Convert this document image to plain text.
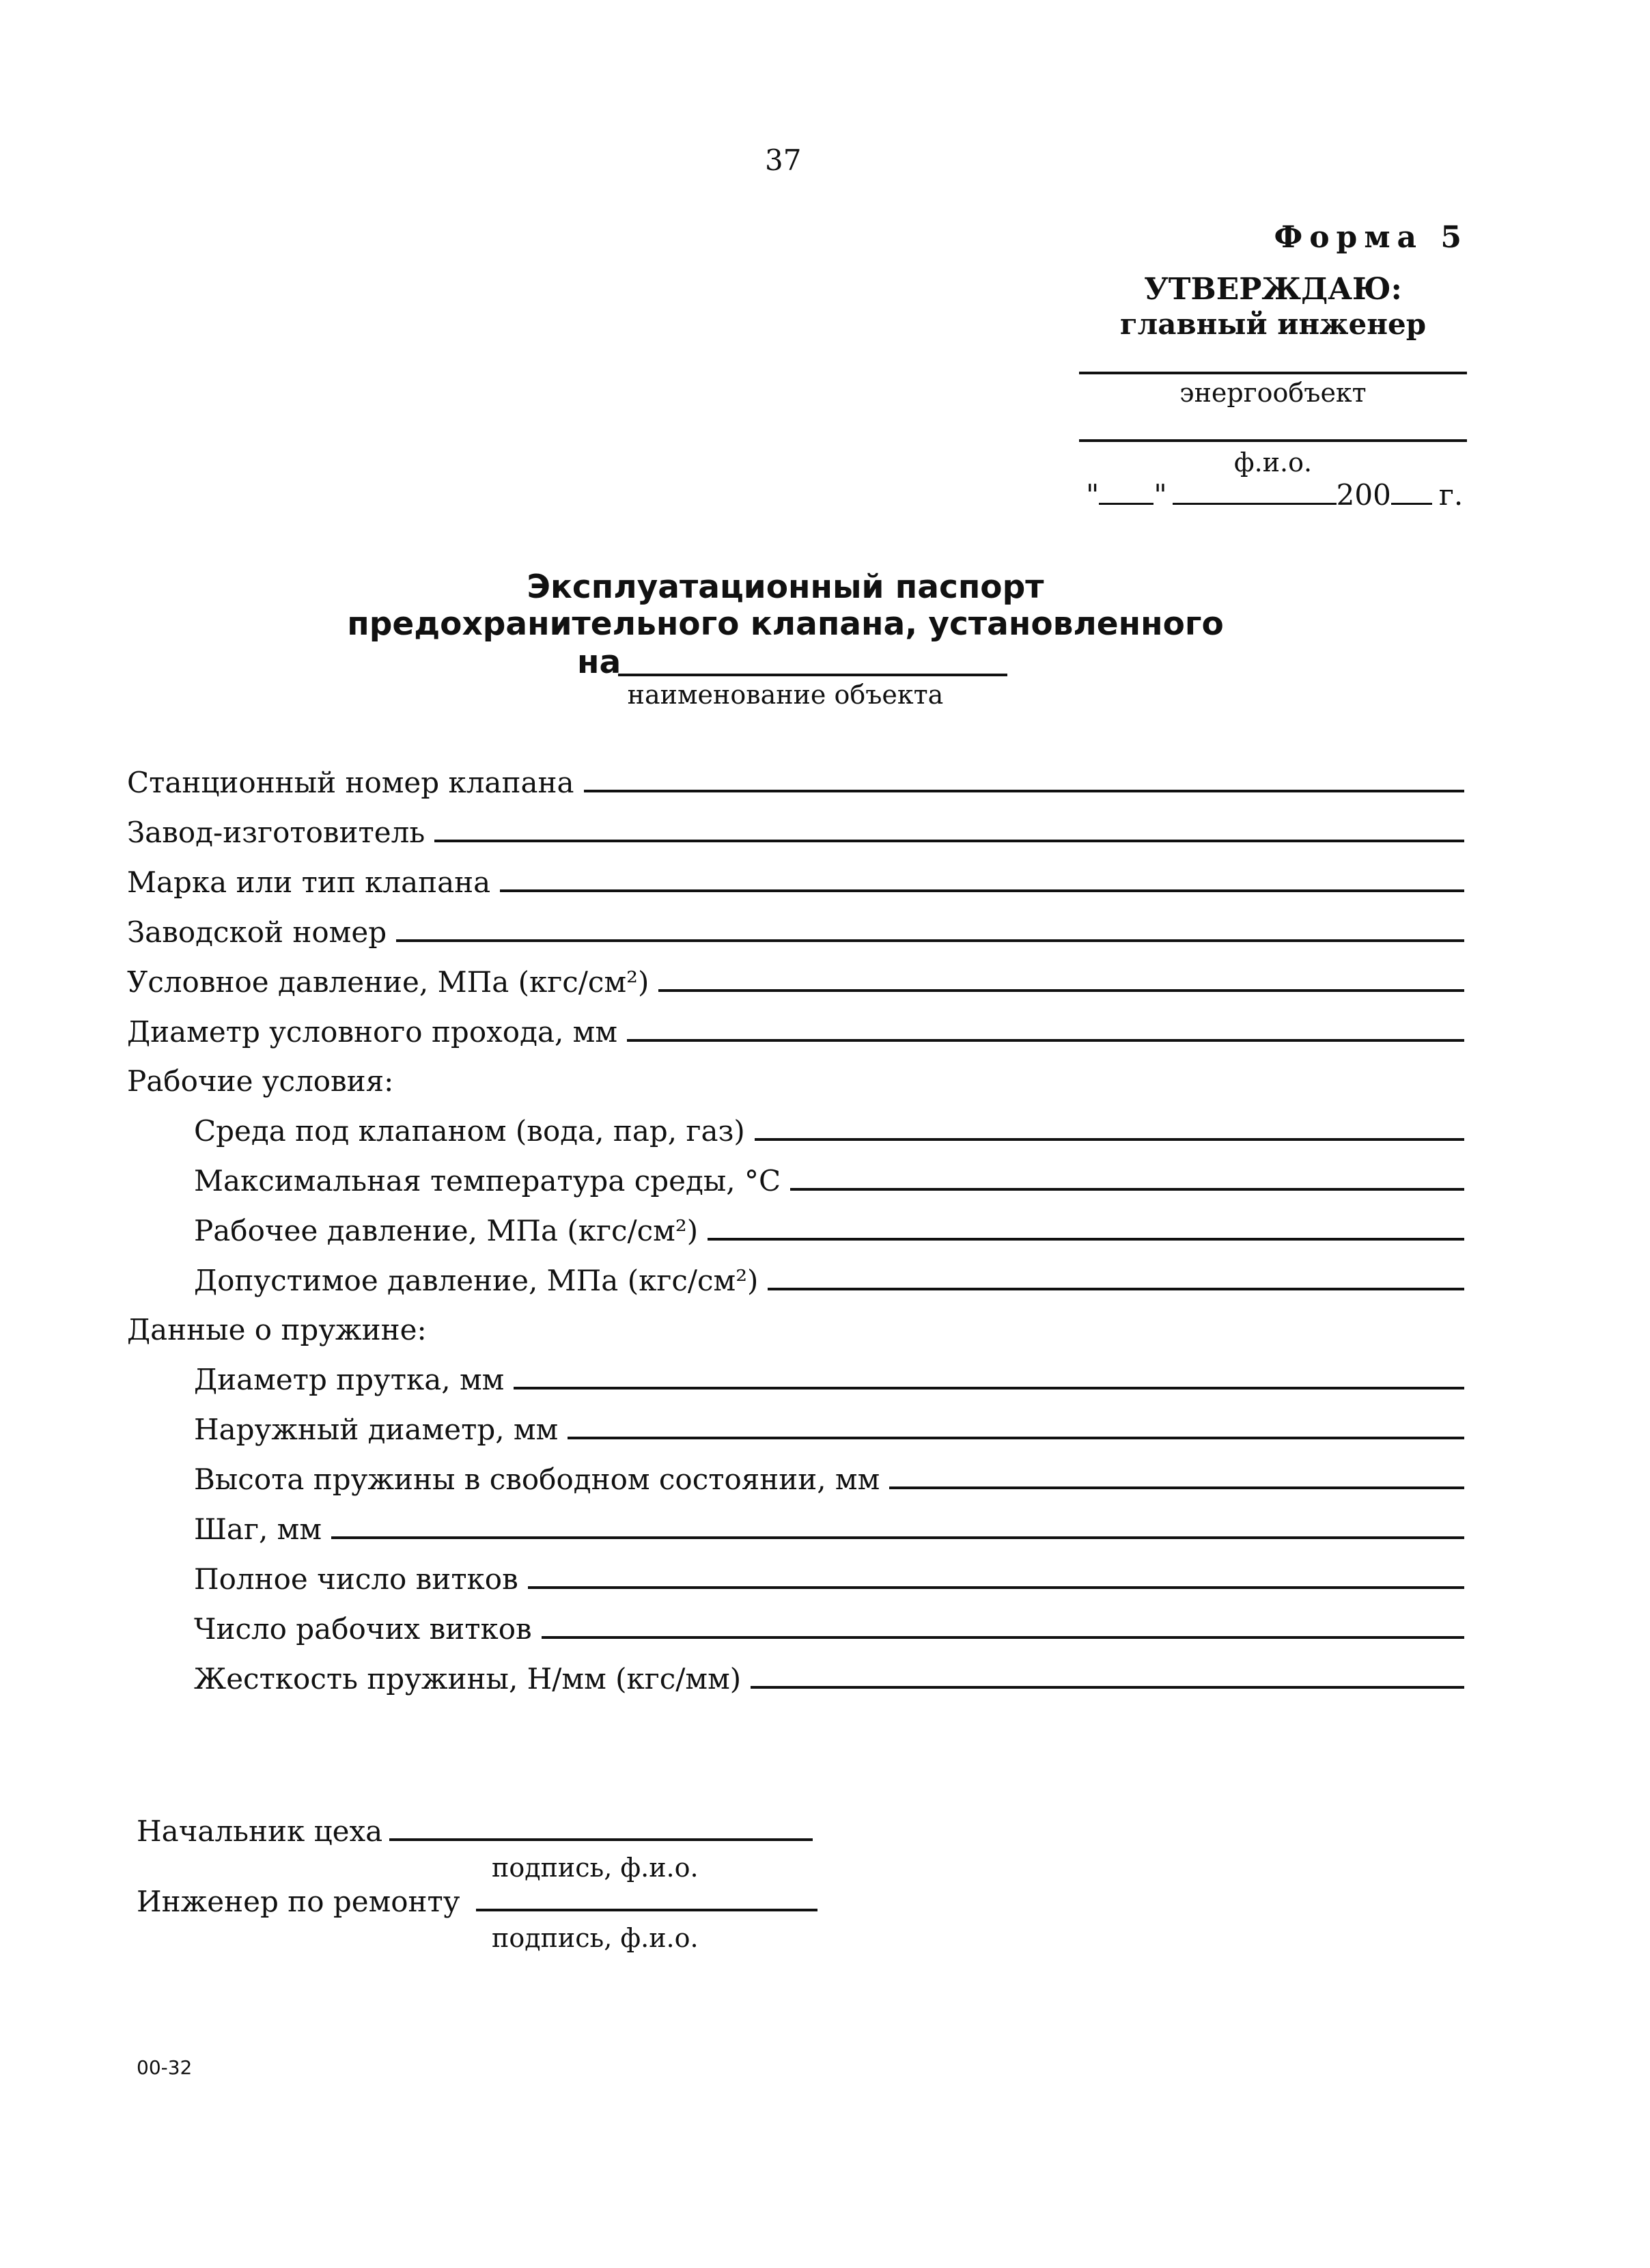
37
Форма 5
УТВЕРЖДАЮ:
главный инженер
энергообъект
ф.и.о.
" "	200 г.
Эксплуатационный паспорт
предохранительного клапана, установленного
на
наименование объекта
Станционный номер клапана
Завод-изготовитель
Марка или тип клапана
Заводской номер
Условное давление, МПа (кгс/см²)
Диаметр условного прохода, мм
Рабочие условия:
Среда под клапаном (вода, пар, газ)
Максимальная температура среды, °С
Рабочее давление, МПа (кгс/см²)
Допустимое давление, МПа (кгс/см²)
Данные о пружине:
Диаметр прутка, мм
Наружный диаметр, мм
Высота пружины в свободном состоянии, мм
Шаг, мм
Полное число витков
Число рабочих витков
Жесткость пружины, Н/мм (кгс/мм)
Начальник цеха
подпись, ф.и.о.
Инженер по ремонту
подпись, ф.и.о.
00-32
